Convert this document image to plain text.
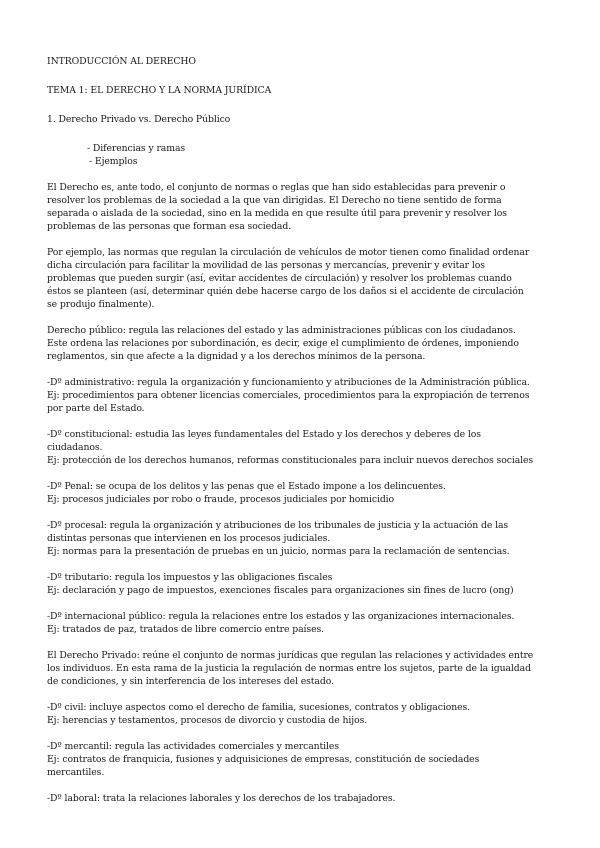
INTRODUCCIÓN AL DERECHO

TEMA 1: EL DERECHO Y LA NORMA JURÍDICA

1. Derecho Privado vs. Derecho Público

- Diferencias y ramas

- Ejemplos

El Derecho es, ante todo, el conjunto de normas o reglas que han sido establecidas para prevenir o resolver los problemas de la sociedad a la que van dirigidas. El Derecho no tiene sentido de forma separada o aislada de la sociedad, sino en la medida en que resulte útil para prevenir y resolver los problemas de las personas que forman esa sociedad.

Por ejemplo, las normas que regulan la circulación de vehículos de motor tienen como finalidad ordenar dicha circulación para facilitar la movilidad de las personas y mercancías, prevenir y evitar los problemas que pueden surgir (así, evitar accidentes de circulación) y resolver los problemas cuando éstos se planteen (así, determinar quién debe hacerse cargo de los daños si el accidente de circulación se produjo finalmente).

Derecho público: regula las relaciones del estado y las administraciones públicas con los ciudadanos. Este ordena las relaciones por subordinación, es decir, exige el cumplimiento de órdenes, imponiendo reglamentos, sin que afecte a la dignidad y a los derechos mínimos de la persona.

-Dº administrativo: regula la organización y funcionamiento y atribuciones de la Administración pública.
Ej: procedimientos para obtener licencias comerciales, procedimientos para la expropiación de terrenos por parte del Estado.

-Dº constitucional: estudia las leyes fundamentales del Estado y los derechos y deberes de los ciudadanos.
Ej: protección de los derechos humanos, reformas constitucionales para incluir nuevos derechos sociales

-Dº Penal: se ocupa de los delitos y las penas que el Estado impone a los delincuentes.
Ej: procesos judiciales por robo o fraude, procesos judiciales por homicidio

-Dº procesal: regula la organización y atribuciones de los tribunales de justicia y la actuación de las distintas personas que intervienen en los procesos judiciales.
Ej: normas para la presentación de pruebas en un juicio, normas para la reclamación de sentencias.

-Dº tributario: regula los impuestos y las obligaciones fiscales
Ej: declaración y pago de impuestos, exenciones fiscales para organizaciones sin fines de lucro (ong)

-Dº internacional público: regula la relaciones entre los estados y las organizaciones internacionales.
Ej: tratados de paz, tratados de libre comercio entre países.

El Derecho Privado: reúne el conjunto de normas jurídicas que regulan las relaciones y actividades entre los individuos. En esta rama de la justicia la regulación de normas entre los sujetos, parte de la igualdad de condiciones, y sin interferencia de los intereses del estado.

-Dº civil: incluye aspectos como el derecho de familia, sucesiones, contratos y obligaciones.
Ej: herencias y testamentos, procesos de divorcio y custodia de hijos.

-Dº mercantil: regula las actividades comerciales y mercantiles
Ej: contratos de franquicia, fusiones y adquisiciones de empresas, constitución de sociedades mercantiles.

-Dº laboral: trata la relaciones laborales y los derechos de los trabajadores.
